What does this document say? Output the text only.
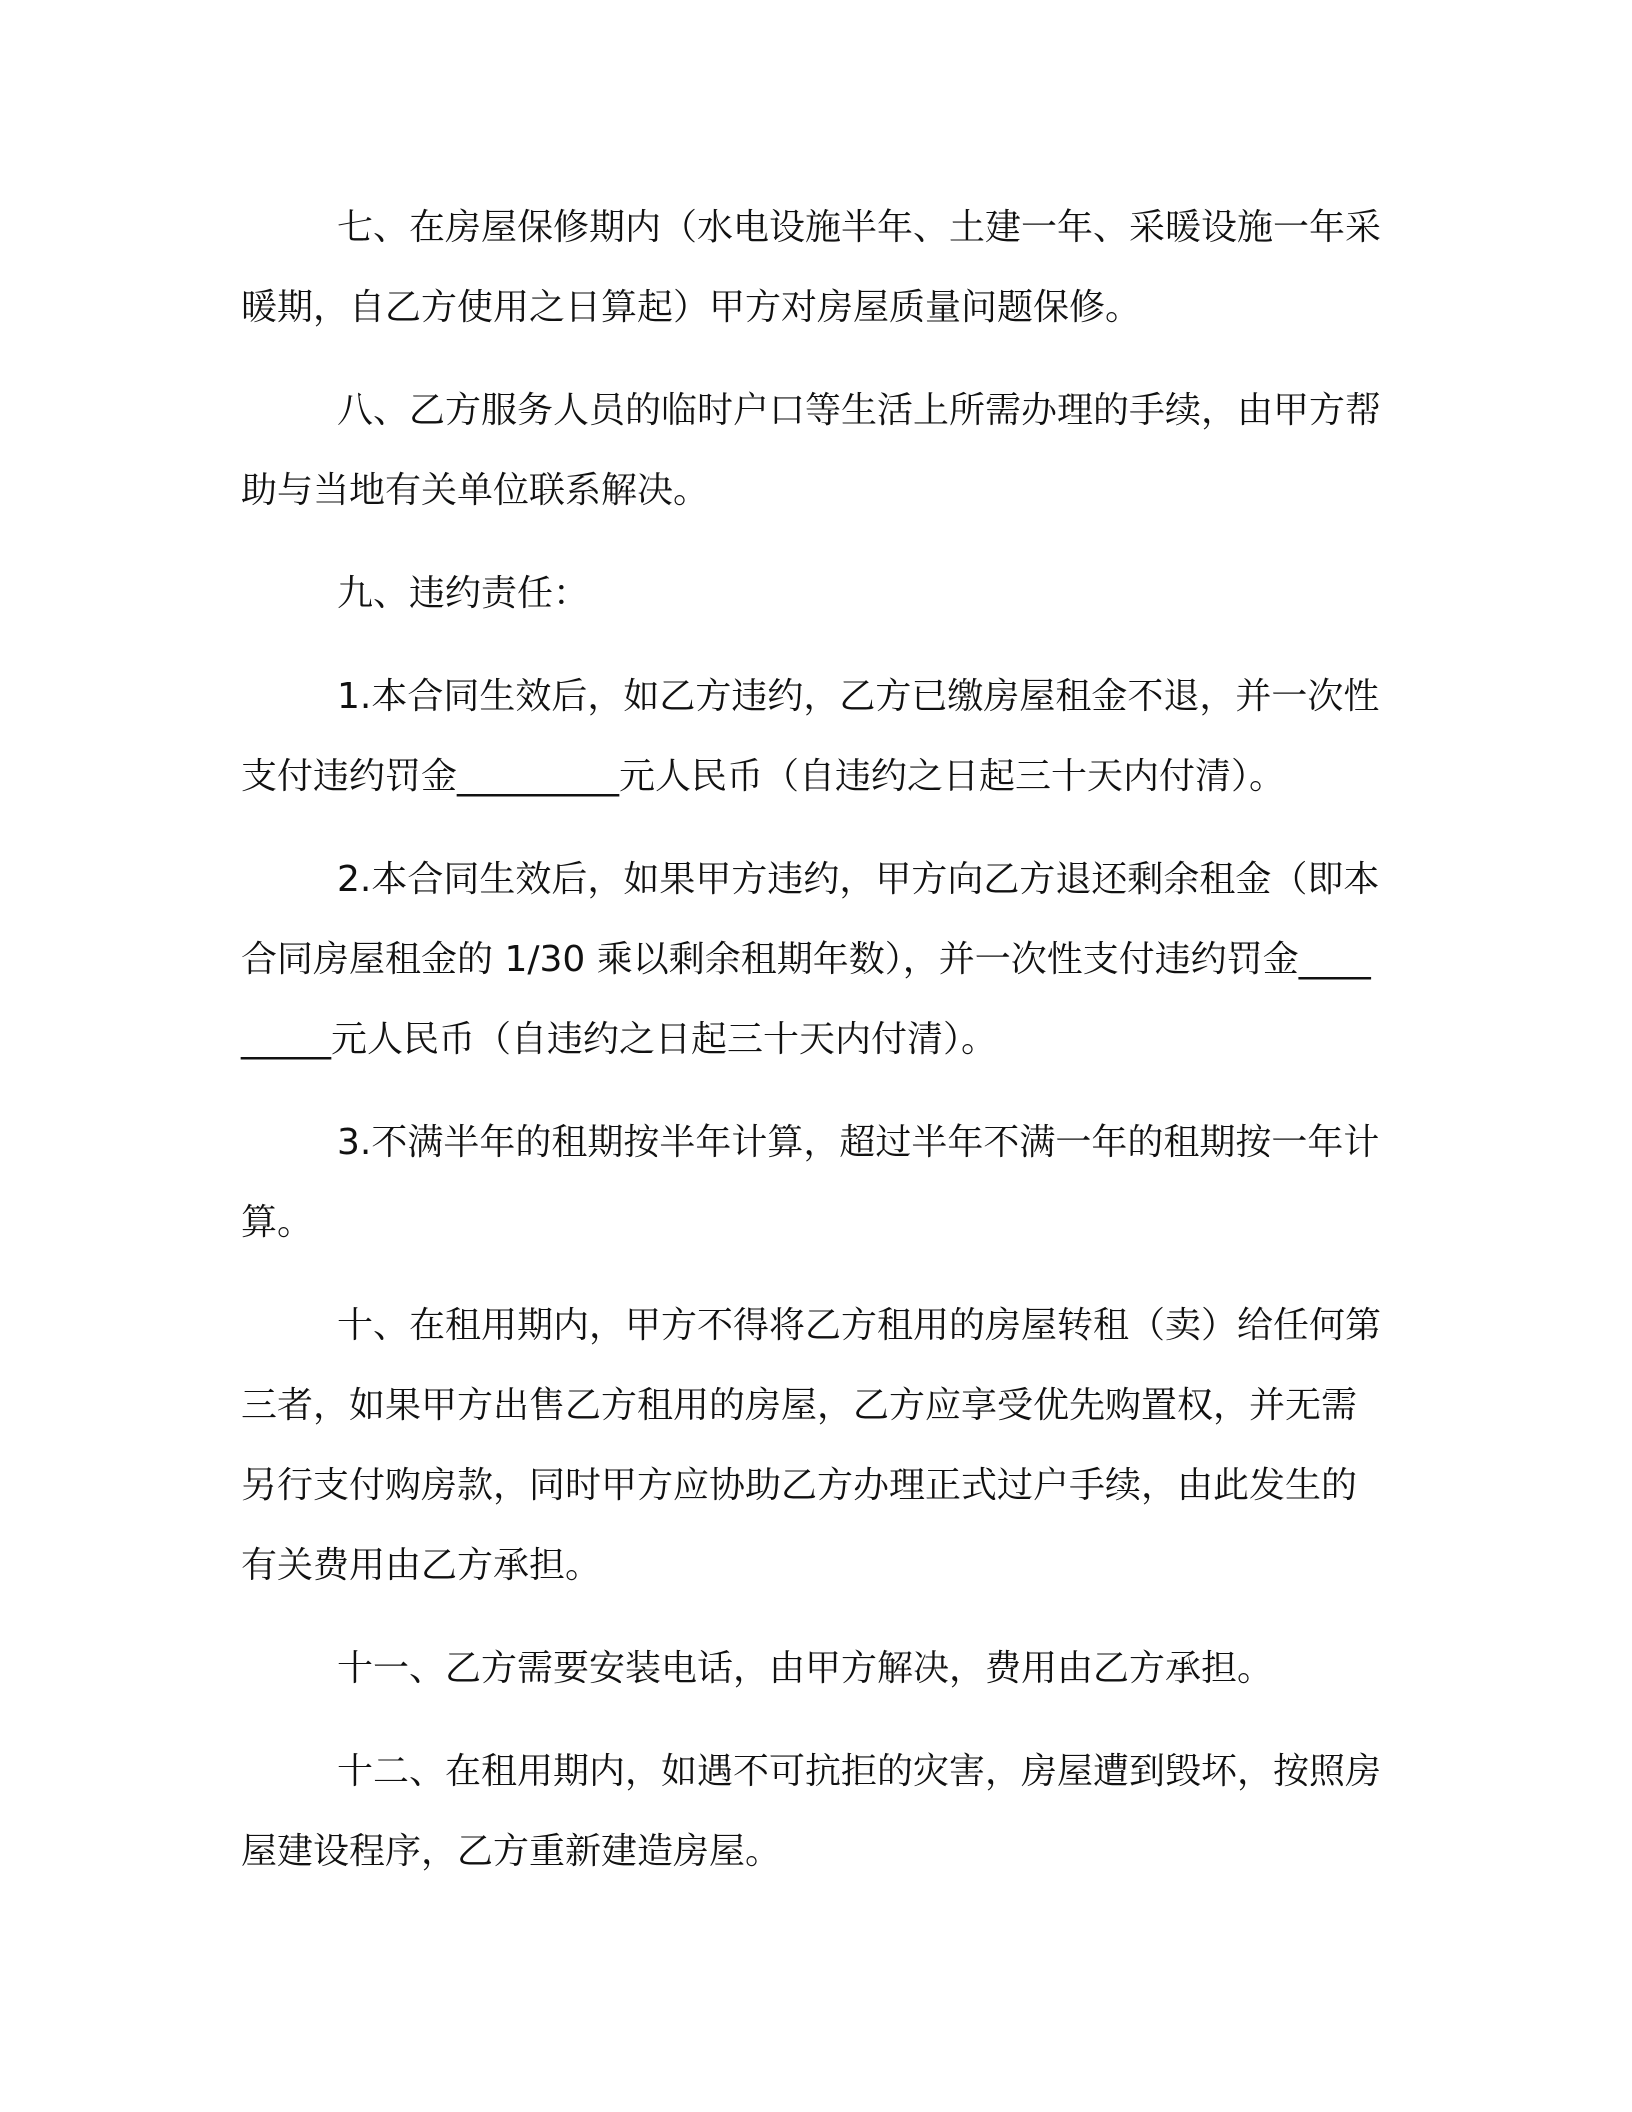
七、在房屋保修期内（水电设施半年、土建一年、采暖设施一年采暖期，自乙方使用之日算起）甲方对房屋质量问题保修。

八、乙方服务人员的临时户口等生活上所需办理的手续，由甲方帮助与当地有关单位联系解决。

九、违约责任：

1.本合同生效后，如乙方违约，乙方已缴房屋租金不退，并一次性支付违约罚金_________元人民币（自违约之日起三十天内付清）。

2.本合同生效后，如果甲方违约，甲方向乙方退还剩余租金（即本合同房屋租金的 1/30 乘以剩余租期年数），并一次性支付违约罚金_________元人民币（自违约之日起三十天内付清）。

3.不满半年的租期按半年计算，超过半年不满一年的租期按一年计算。

十、在租用期内，甲方不得将乙方租用的房屋转租（卖）给任何第三者，如果甲方出售乙方租用的房屋，乙方应享受优先购置权，并无需另行支付购房款，同时甲方应协助乙方办理正式过户手续，由此发生的有关费用由乙方承担。

十一、乙方需要安装电话，由甲方解决，费用由乙方承担。

十二、在租用期内，如遇不可抗拒的灾害，房屋遭到毁坏，按照房屋建设程序，乙方重新建造房屋。
